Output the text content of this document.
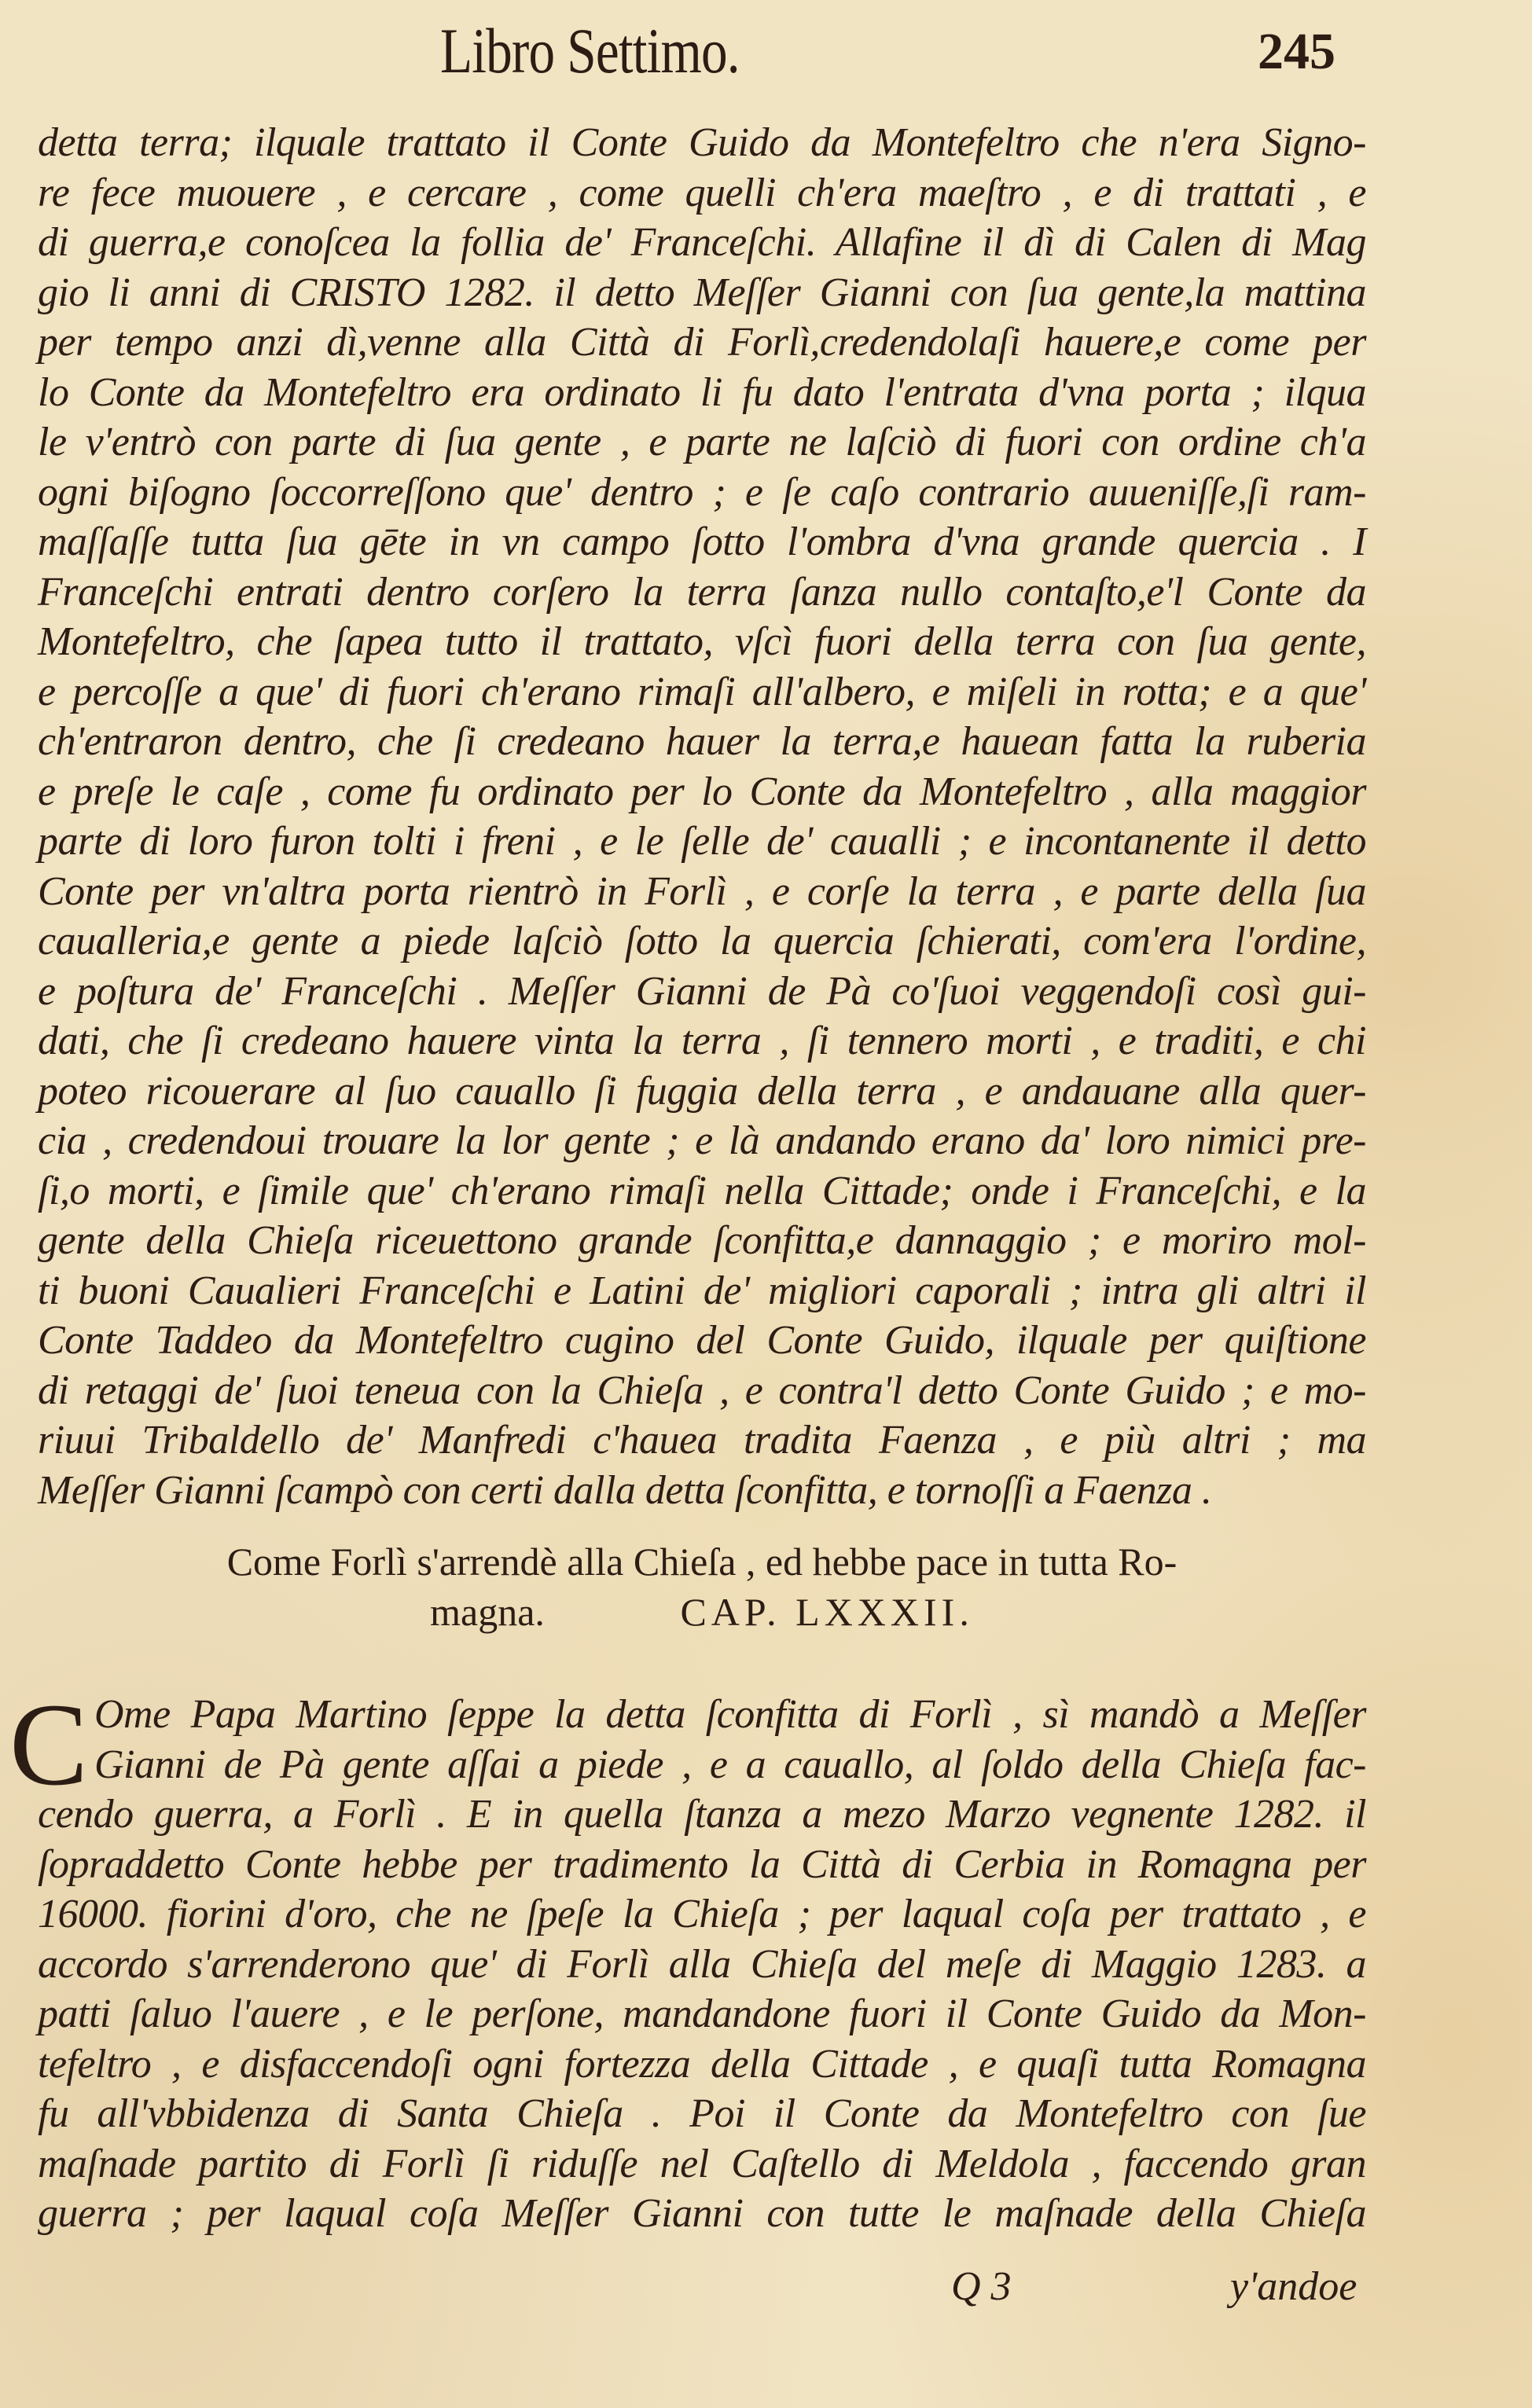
Libro Settimo.	245
detta terra; ilquale trattato il Conte Guido da Montefeltro che n'era Signo-
re fece muouere , e cercare , come quelli ch'era maeſtro , e di trattati , e
di guerra,e conoſcea la follia de' Franceſchi. Allafine il dì di Calen di Mag
gio li anni di CRISTO 1282. il detto Meſſer Gianni con ſua gente,la mattina
per tempo anzi dì,venne alla Città di Forlì,credendolaſi hauere,e come per
lo Conte da Montefeltro era ordinato li fu dato l'entrata d'vna porta ; ilqua
le v'entrò con parte di ſua gente , e parte ne laſciò di fuori con ordine ch'a
ogni biſogno ſoccorreſſono que' dentro ; e ſe caſo contrario auueniſſe,ſi ram-
maſſaſſe tutta ſua gēte in vn campo ſotto l'ombra d'vna grande quercia . I
Franceſchi entrati dentro corſero la terra ſanza nullo contaſto,e'l Conte da
Montefeltro, che ſapea tutto il trattato, vſcì fuori della terra con ſua gente,
e percoſſe a que' di fuori ch'erano rimaſi all'albero, e miſeli in rotta; e a que'
ch'entraron dentro, che ſi credeano hauer la terra,e hauean fatta la ruberia
e preſe le caſe , come fu ordinato per lo Conte da Montefeltro , alla maggior
parte di loro furon tolti i freni , e le ſelle de' caualli ; e incontanente il detto
Conte per vn'altra porta rientrò in Forlì , e corſe la terra , e parte della ſua
caualleria,e gente a piede laſciò ſotto la quercia ſchierati, com'era l'ordine,
e poſtura de' Franceſchi . Meſſer Gianni de Pà co'ſuoi veggendoſi così gui-
dati, che ſi credeano hauere vinta la terra , ſi tennero morti , e traditi, e chi
poteo ricouerare al ſuo cauallo ſi fuggia della terra , e andauane alla quer-
cia , credendoui trouare la lor gente ; e là andando erano da' loro nimici pre-
ſi,o morti, e ſimile que' ch'erano rimaſi nella Cittade; onde i Franceſchi, e la
gente della Chieſa riceuettono grande ſconfitta,e dannaggio ; e moriro mol-
ti buoni Caualieri Franceſchi e Latini de' migliori caporali ; intra gli altri il
Conte Taddeo da Montefeltro cugino del Conte Guido, ilquale per quiſtione
di retaggi de' ſuoi teneua con la Chieſa , e contra'l detto Conte Guido ; e mo-
riuui Tribaldello de' Manfredi c'hauea tradita Faenza , e più altri ; ma
Meſſer Gianni ſcampò con certi dalla detta ſconfitta, e tornoſſi a Faenza .
Come Forlì s'arrendè alla Chieſa , ed hebbe pace in tutta Ro-
magna.	CAP. LXXXII.
C Ome Papa Martino ſeppe la detta ſconfitta di Forlì , sì mandò a Meſſer
Gianni de Pà gente aſſai a piede , e a cauallo, al ſoldo della Chieſa fac-
cendo guerra, a Forlì . E in quella ſtanza a mezo Marzo vegnente 1282. il
ſopraddetto Conte hebbe per tradimento la Città di Cerbia in Romagna per
16000. fiorini d'oro, che ne ſpeſe la Chieſa ; per laqual coſa per trattato , e
accordo s'arrenderono que' di Forlì alla Chieſa del meſe di Maggio 1283. a
patti ſaluo l'auere , e le perſone, mandandone fuori il Conte Guido da Mon-
tefeltro , e disfaccendoſi ogni fortezza della Cittade , e quaſi tutta Romagna
fu all'vbbidenza di Santa Chieſa . Poi il Conte da Montefeltro con ſue
maſnade partito di Forlì ſi riduſſe nel Caſtello di Meldola , faccendo gran
guerra ; per laqual coſa Meſſer Gianni con tutte le maſnade della Chieſa
Q 3	y'andoe
